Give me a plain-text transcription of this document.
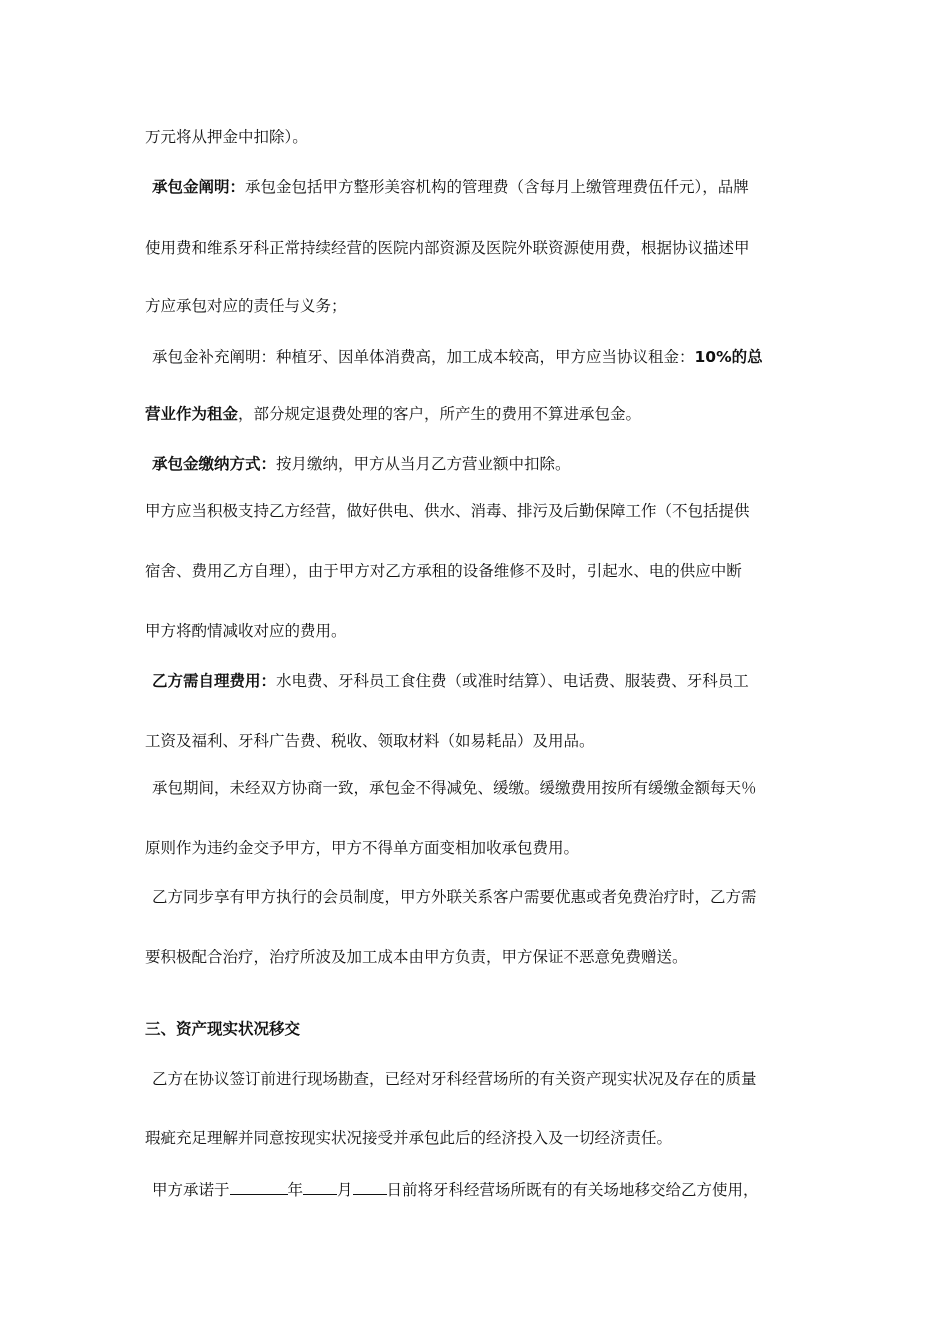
万元将从押金中扣除）。
承包金阐明：承包金包括甲方整形美容机构的管理费（含每月上缴管理费伍仟元），品牌
使用费和维系牙科正常持续经营的医院内部资源及医院外联资源使用费，根据协议描述甲
方应承包对应的责任与义务；
承包金补充阐明：种植牙、因单体消费高，加工成本较高，甲方应当协议租金：10%的总
营业作为租金，部分规定退费处理的客户，所产生的费用不算进承包金。
承包金缴纳方式：按月缴纳，甲方从当月乙方营业额中扣除。
甲方应当积极支持乙方经营，做好供电、供水、消毒、排污及后勤保障工作（不包括提供
宿舍、费用乙方自理），由于甲方对乙方承租的设备维修不及时，引起水、电的供应中断
甲方将酌情减收对应的费用。
乙方需自理费用：水电费、牙科员工食住费（或准时结算）、电话费、服装费、牙科员工
工资及福利、牙科广告费、税收、领取材料（如易耗品）及用品。
承包期间，未经双方协商一致，承包金不得减免、缓缴。缓缴费用按所有缓缴金额每天％
原则作为违约金交予甲方，甲方不得单方面变相加收承包费用。
乙方同步享有甲方执行的会员制度，甲方外联关系客户需要优惠或者免费治疗时，乙方需
要积极配合治疗，治疗所波及加工成本由甲方负责，甲方保证不恶意免费赠送。
三、资产现实状况移交
乙方在协议签订前进行现场勘查，已经对牙科经营场所的有关资产现实状况及存在的质量
瑕疵充足理解并同意按现实状况接受并承包此后的经济投入及一切经济责任。
甲方承诺于	年 月 日前将牙科经营场所既有的有关场地移交给乙方使用，
